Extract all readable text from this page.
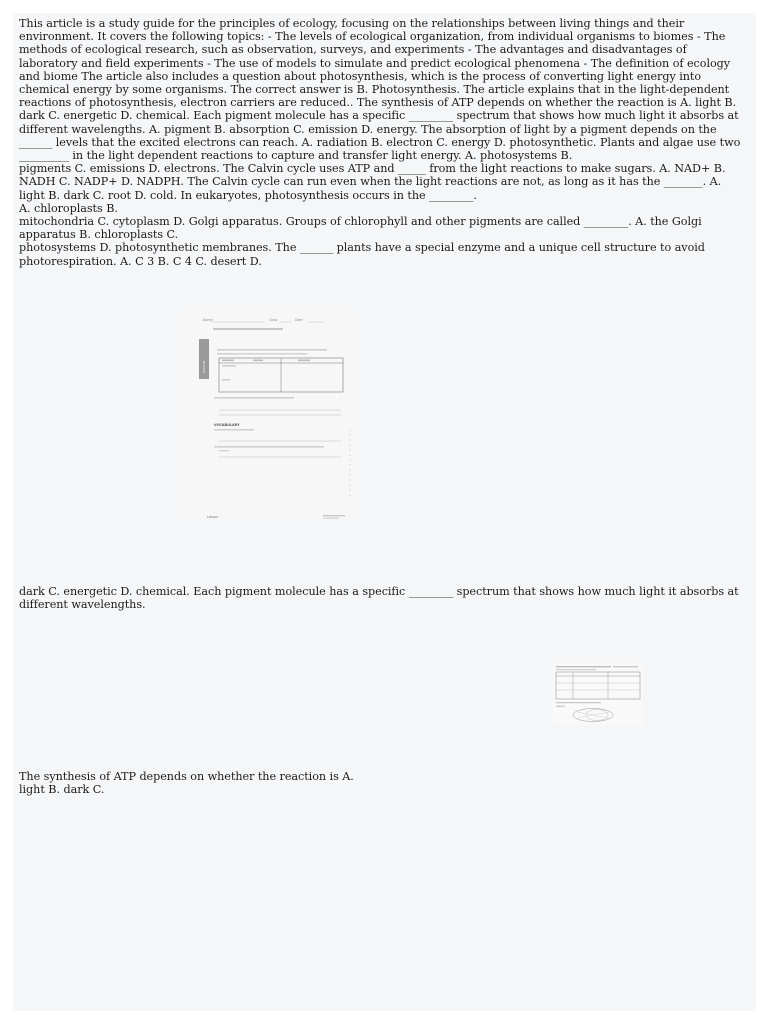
This article is a study guide for the principles of ecology, focusing on the relationships between living things and their environment. It covers the following topics: - The levels of ecological organization, from individual organisms to biomes - The methods of ecological research, such as observation, surveys, and experiments - The advantages and disadvantages of laboratory and field experiments - The use of models to simulate and predict ecological phenomena - The definition of ecology and biome The article also includes a question about photosynthesis, which is the process of converting light energy into chemical energy by some organisms. The correct answer is B. Photosynthesis. The article explains that in the light-dependent reactions of photosynthesis, electron carriers are reduced.. The synthesis of ATP depends on whether the reaction is A. light B. dark C. energetic D. chemical. Each pigment molecule has a specific ________ spectrum that shows how much light it absorbs at different wavelengths. A. pigment B. absorption C. emission D. energy. The absorption of light by a pigment depends on the ______ levels that the excited electrons can reach. A. radiation B. electron C. energy D. photosynthetic. Plants and algae use two _________ in the light dependent reactions to capture and transfer light energy. A. photosystems B.

pigments C. emissions D. electrons. The Calvin cycle uses ATP and _____ from the light reactions to make sugars. A. NAD+ B. NADH C. NADP+ D. NADPH. The Calvin cycle can run even when the light reactions are not, as long as it has the _______. A. light B. dark C. root D. cold. In eukaryotes, photosynthesis occurs in the ________.

A. chloroplasts B.

mitochondria C. cytoplasm D. Golgi apparatus. Groups of chlorophyll and other pigments are called ________. A. the Golgi apparatus B. chloroplasts C.

photosystems D. photosynthetic membranes. The ______ plants have a special enzyme and a unique cell structure to avoid photorespiration. A. C 3 B. C 4 C. desert D.

Name	Class	Date
LESSON
VOCABULARY
Lesson

dark C. energetic D. chemical. Each pigment molecule has a specific ________ spectrum that shows how much light it absorbs at different wavelengths.

Lesson

The synthesis of ATP depends on whether the reaction is A.

light B. dark C.
